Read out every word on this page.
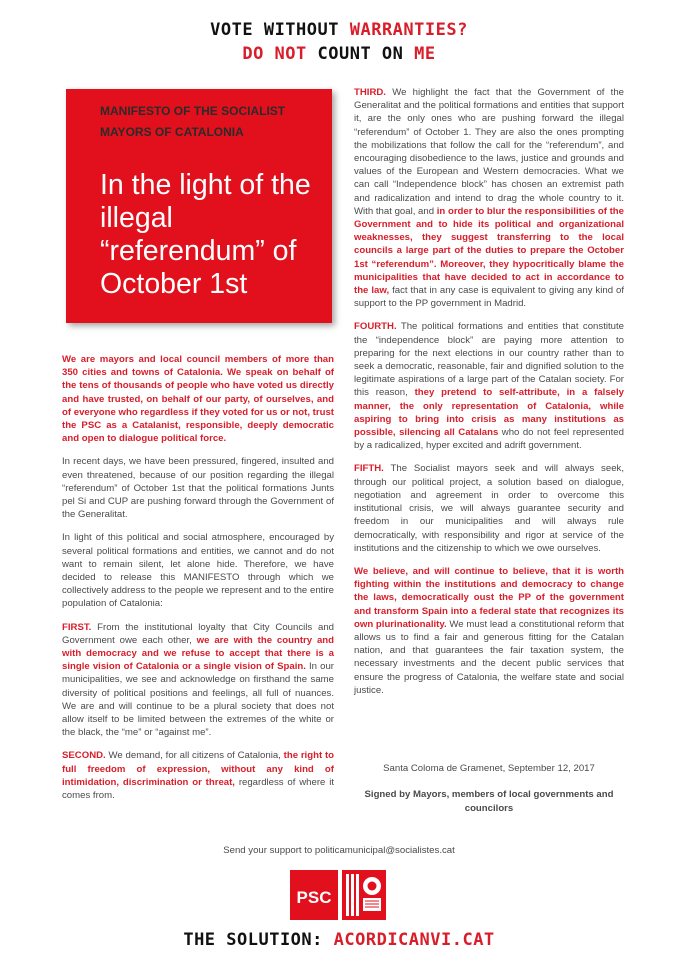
VOTE WITHOUT WARRANTIES?
DO NOT COUNT ON ME
MANIFESTO OF THE SOCIALIST MAYORS OF CATALONIA
In the light of the illegal “referendum” of October 1st

We are mayors and local council members of more than 350 cities and towns of Catalonia. We speak on behalf of the tens of thousands of people who have voted us directly and have trusted, on behalf of our party, of ourselves, and of everyone who regardless if they voted for us or not, trust the PSC as a Catalanist, responsible, deeply democratic and open to dialogue political force.

In recent days, we have been pressured, fingered, insulted and even threatened, because of our position regarding the illegal “referendum” of October 1st that the political formations Junts pel Si and CUP are pushing forward through the Government of the Generalitat.

In light of this political and social atmosphere, encouraged by several political formations and entities, we cannot and do not want to remain silent, let alone hide. Therefore, we have decided to release this MANIFESTO through which we collectively address to the people we represent and to the entire population of Catalonia:

FIRST. From the institutional loyalty that City Councils and Government owe each other, we are with the country and with democracy and we refuse to accept that there is a single vision of Catalonia or a single vision of Spain. In our municipalities, we see and acknowledge on firsthand the same diversity of political positions and feelings, all full of nuances. We are and will continue to be a plural society that does not allow itself to be limited between the extremes of the white or the black, the “me” or “against me”.

SECOND. We demand, for all citizens of Catalonia, the right to full freedom of expression, without any kind of intimidation, discrimination or threat, regardless of where it comes from.

THIRD. We highlight the fact that the Government of the Generalitat and the political formations and entities that support it, are the only ones who are pushing forward the illegal “referendum” of October 1. They are also the ones prompting the mobilizations that follow the call for the “referendum”, and encouraging disobedience to the laws, justice and grounds and values of the European and Western democracies. What we can call “Independence block” has chosen an extremist path and radicalization and intend to drag the whole country to it. With that goal, and in order to blur the responsibilities of the Government and to hide its political and organizational weaknesses, they suggest transferring to the local councils a large part of the duties to prepare the October 1st “referendum”. Moreover, they hypocritically blame the municipalities that have decided to act in accordance to the law, fact that in any case is equivalent to giving any kind of support to the PP government in Madrid.

FOURTH. The political formations and entities that constitute the “independence block” are paying more attention to preparing for the next elections in our country rather than to seek a democratic, reasonable, fair and dignified solution to the legitimate aspirations of a large part of the Catalan society. For this reason, they pretend to self-attribute, in a falsely manner, the only representation of Catalonia, while aspiring to bring into crisis as many institutions as possible, silencing all Catalans who do not feel represented by a radicalized, hyper excited and adrift government.

FIFTH. The Socialist mayors seek and will always seek, through our political project, a solution based on dialogue, negotiation and agreement in order to overcome this institutional crisis, we will always guarantee security and freedom in our municipalities and will always rule democratically, with responsibility and rigor at service of the institutions and the citizenship to which we owe ourselves.

We believe, and will continue to believe, that it is worth fighting within the institutions and democracy to change the laws, democratically oust the PP of the government and transform Spain into a federal state that recognizes its own plurinationality. We must lead a constitutional reform that allows us to find a fair and generous fitting for the Catalan nation, and that guarantees the fair taxation system, the necessary investments and the decent public services that ensure the progress of Catalonia, the welfare state and social justice.

Santa Coloma de Gramenet, September 12, 2017
Signed by Mayors, members of local governments and councilors
Send your support to politicamunicipal@socialistes.cat
PSC
THE SOLUTION: ACORDICANVI.CAT
